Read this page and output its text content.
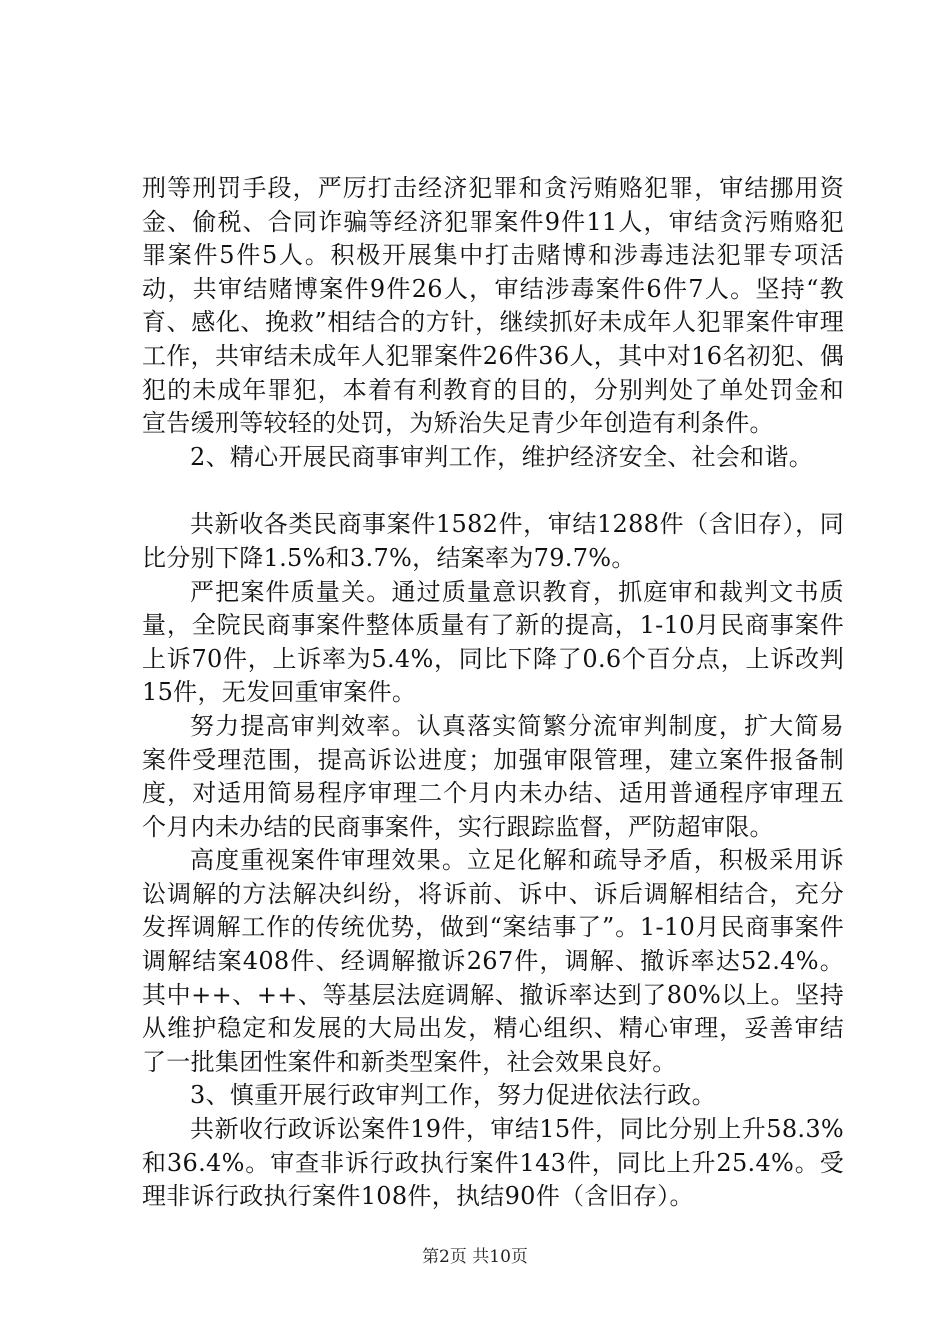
刑等刑罚手段，严厉打击经济犯罪和贪污贿赂犯罪，审结挪用资金、偷税、合同诈骗等经济犯罪案件9件11人，审结贪污贿赂犯罪案件5件5人。积极开展集中打击赌博和涉毒违法犯罪专项活动，共审结赌博案件9件26人，审结涉毒案件6件7人。坚持“教育、感化、挽救”相结合的方针，继续抓好未成年人犯罪案件审理工作，共审结未成年人犯罪案件26件36人，其中对16名初犯、偶犯的未成年罪犯，本着有利教育的目的，分别判处了单处罚金和宣告缓刑等较轻的处罚，为矫治失足青少年创造有利条件。

2、精心开展民商事审判工作，维护经济安全、社会和谐。

共新收各类民商事案件1582件，审结1288件（含旧存），同比分别下降1.5%和3.7%，结案率为79.7%。

严把案件质量关。通过质量意识教育，抓庭审和裁判文书质量，全院民商事案件整体质量有了新的提高，1-10月民商事案件上诉70件，上诉率为5.4%，同比下降了0.6个百分点，上诉改判15件，无发回重审案件。

努力提高审判效率。认真落实简繁分流审判制度，扩大简易案件受理范围，提高诉讼进度；加强审限管理，建立案件报备制度，对适用简易程序审理二个月内未办结、适用普通程序审理五个月内未办结的民商事案件，实行跟踪监督，严防超审限。

高度重视案件审理效果。立足化解和疏导矛盾，积极采用诉讼调解的方法解决纠纷，将诉前、诉中、诉后调解相结合，充分发挥调解工作的传统优势，做到“案结事了”。1-10月民商事案件调解结案408件、经调解撤诉267件，调解、撤诉率达52.4%。其中++、++、等基层法庭调解、撤诉率达到了80%以上。坚持从维护稳定和发展的大局出发，精心组织、精心审理，妥善审结了一批集团性案件和新类型案件，社会效果良好。

3、慎重开展行政审判工作，努力促进依法行政。

共新收行政诉讼案件19件，审结15件，同比分别上升58.3%和36.4%。审查非诉行政执行案件143件，同比上升25.4%。受理非诉行政执行案件108件，执结90件（含旧存）。

第2页 共10页
